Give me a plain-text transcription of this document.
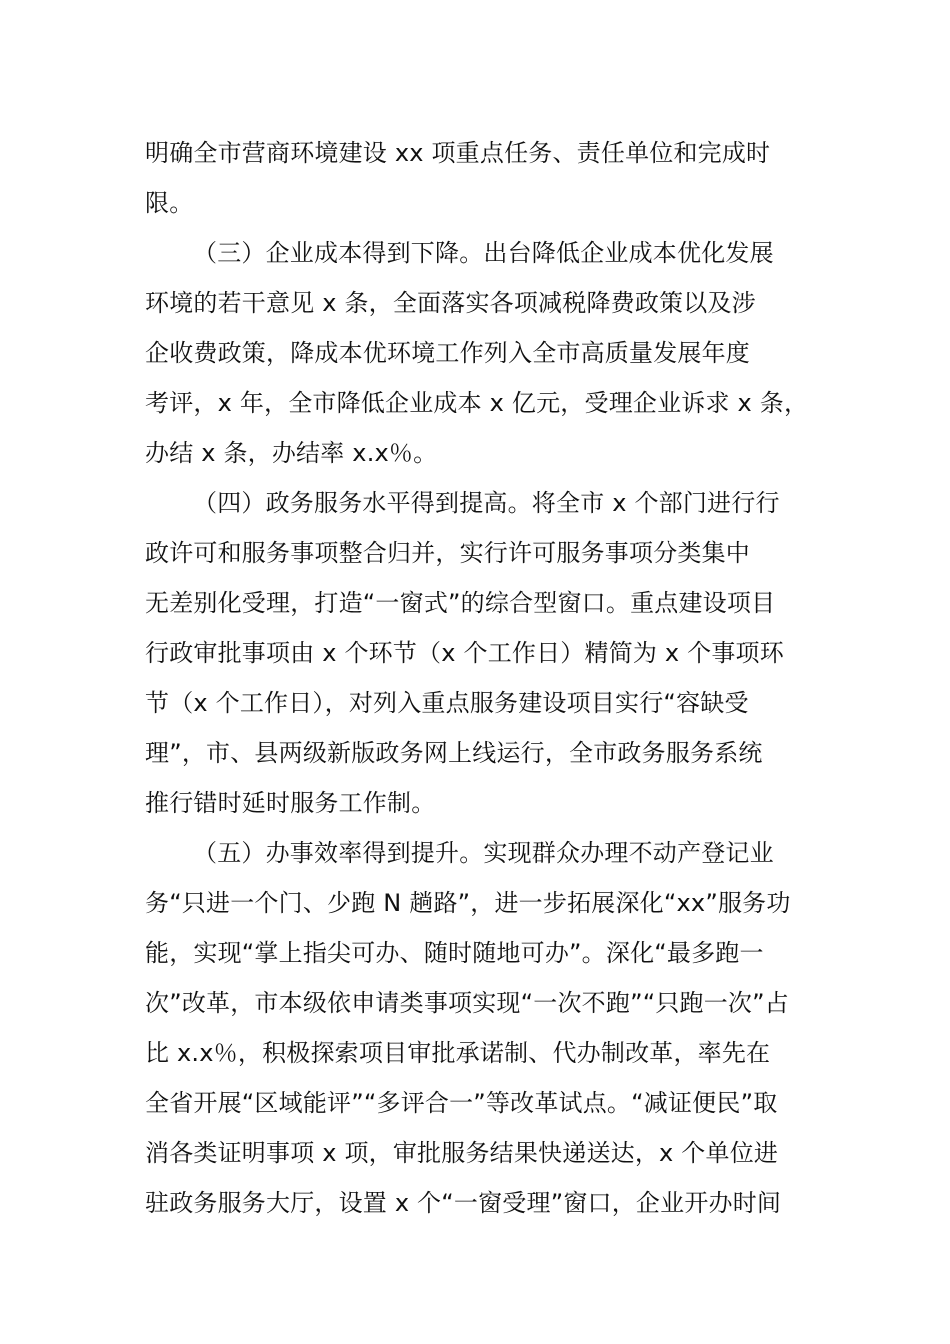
明确全市营商环境建设 xx 项重点任务、责任单位和完成时
限。
（三）企业成本得到下降。出台降低企业成本优化发展
环境的若干意见 x 条，全面落实各项减税降费政策以及涉
企收费政策，降成本优环境工作列入全市高质量发展年度
考评，x 年，全市降低企业成本 x 亿元，受理企业诉求 x 条，
办结 x 条，办结率 x.x％。
（四）政务服务水平得到提高。将全市 x 个部门进行行
政许可和服务事项整合归并，实行许可服务事项分类集中
无差别化受理，打造“一窗式”的综合型窗口。重点建设项目
行政审批事项由 x 个环节（x 个工作日）精简为 x 个事项环
节（x 个工作日），对列入重点服务建设项目实行“容缺受
理”，市、县两级新版政务网上线运行，全市政务服务系统
推行错时延时服务工作制。
（五）办事效率得到提升。实现群众办理不动产登记业
务“只进一个门、少跑 N 趟路”，进一步拓展深化“xx”服务功
能，实现“掌上指尖可办、随时随地可办”。深化“最多跑一
次”改革，市本级依申请类事项实现“一次不跑”“只跑一次”占
比 x.x％，积极探索项目审批承诺制、代办制改革，率先在
全省开展“区域能评”“多评合一”等改革试点。“减证便民”取
消各类证明事项 x 项，审批服务结果快递送达，x 个单位进
驻政务服务大厅，设置 x 个“一窗受理”窗口，企业开办时间
